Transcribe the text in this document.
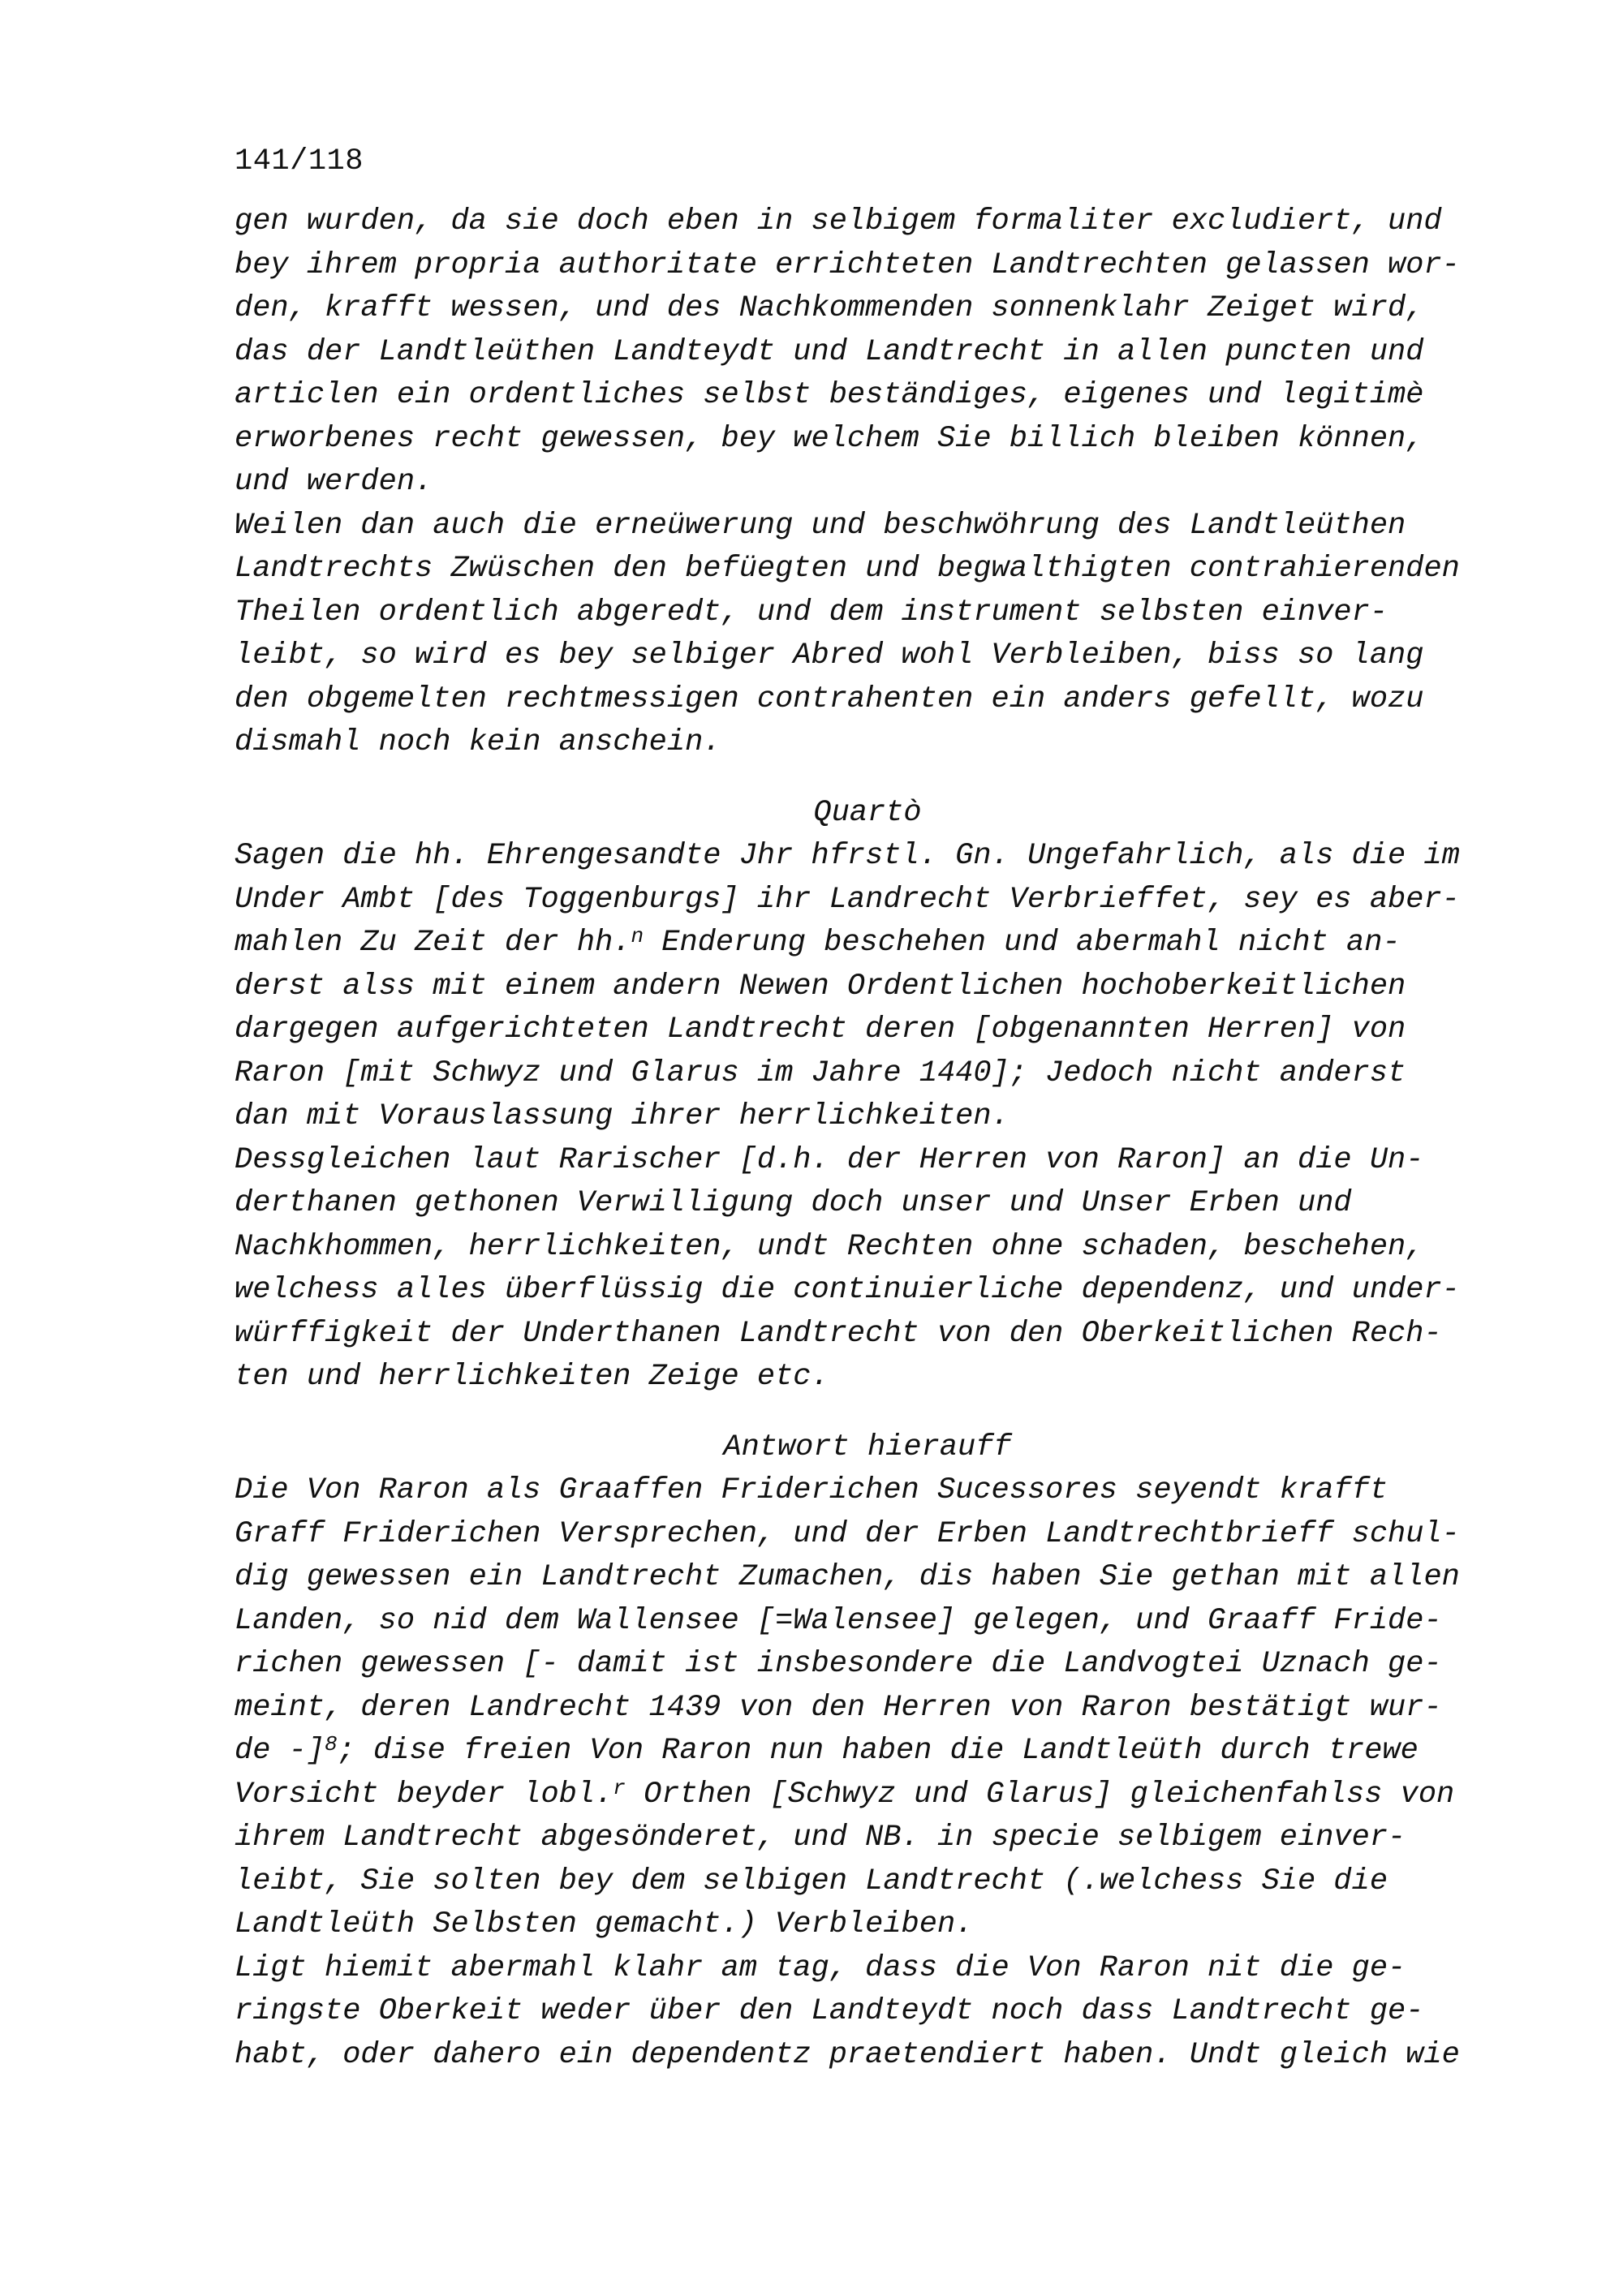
141/118
gen wurden, da sie doch eben in selbigem formaliter excludiert, und
bey ihrem propria authoritate errichteten Landtrechten gelassen wor-
den, krafft wessen, und des Nachkommenden sonnenklahr Zeiget wird,
das der Landtleüthen Landteydt und Landtrecht in allen puncten und
articlen ein ordentliches selbst beständiges, eigenes und legitimè
erworbenes recht gewessen, bey welchem Sie billich bleiben können,
und werden.
Weilen dan auch die erneüwerung und beschwöhrung des Landtleüthen
Landtrechts Zwüschen den befüegten und begwalthigten contrahierenden
Theilen ordentlich abgeredt, und dem instrument selbsten einver-
leibt, so wird es bey selbiger Abred wohl Verbleiben, biss so lang
den obgemelten rechtmessigen contrahenten ein anders gefellt, wozu
dismahl noch kein anschein.
Quartò
Sagen die hh. Ehrengesandte Jhr hfrstl. Gn. Ungefahrlich, als die im
Under Ambt [des Toggenburgs] ihr Landrecht Verbrieffet, sey es aber-
mahlen Zu Zeit der hh.$^n$ Enderung beschehen und abermahl nicht an-
derst alss mit einem andern Newen Ordentlichen hochoberkeitlichen
dargegen aufgerichteten Landtrecht deren [obgenannten Herren] von
Raron [mit Schwyz und Glarus im Jahre 1440]; Jedoch nicht anderst
dan mit Vorauslassung ihrer herrlichkeiten.
Dessgleichen laut Rarischer [d.h. der Herren von Raron] an die Un-
derthanen gethonen Verwilligung doch unser und Unser Erben und
Nachkhommen, herrlichkeiten, undt Rechten ohne schaden, beschehen,
welchess alles überflüssig die continuierliche dependenz, und under-
würffigkeit der Underthanen Landtrecht von den Oberkeitlichen Rech-
ten und herrlichkeiten Zeige etc.
Antwort hierauff
Die Von Raron als Graaffen Friderichen Sucessores seyendt krafft
Graff Friderichen Versprechen, und der Erben Landtrechtbrieff schul-
dig gewessen ein Landtrecht Zumachen, dis haben Sie gethan mit allen
Landen, so nid dem Wallensee [=Walensee] gelegen, und Graaff Fride-
richen gewessen [- damit ist insbesondere die Landvogtei Uznach ge-
meint, deren Landrecht 1439 von den Herren von Raron bestätigt wur-
de -]$^8$; dise freien Von Raron nun haben die Landtleüth durch trewe
Vorsicht beyder lobl.$^r$ Orthen [Schwyz und Glarus] gleichenfahlss von
ihrem Landtrecht abgesönderet, und NB. in specie selbigem einver-
leibt, Sie solten bey dem selbigen Landtrecht (.welchess Sie die
Landtleüth Selbsten gemacht.) Verbleiben.
Ligt hiemit abermahl klahr am tag, dass die Von Raron nit die ge-
ringste Oberkeit weder über den Landteydt noch dass Landtrecht ge-
habt, oder dahero ein dependentz praetendiert haben. Undt gleich wie
